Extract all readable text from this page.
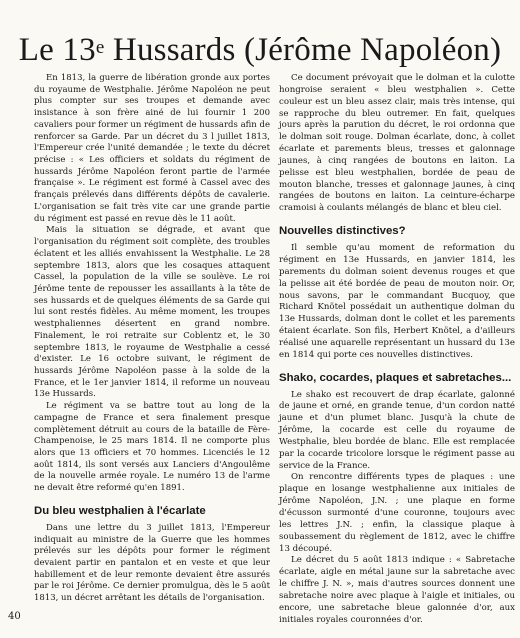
Le 13e Hussards (Jérôme Napoléon)

En 1813, la guerre de libération gronde aux portes du royaume de Westphalie. Jérôme Napoléon ne peut plus compter sur ses troupes et demande avec insistance à son frère ainé de lui fournir 1 200 cavaliers pour former un régiment de hussards afin de renforcer sa Garde. Par un décret du 3 l juillet 1813, l'Empereur crée l'unité demandée ; le texte du décret précise : « Les officiers et soldats du régiment de hussards Jérôme Napoléon feront partie de l'armée française ». Le régiment est formé à Cassel avec des français prélevés dans différents dépôts de cavalerie. L'organisation se fait très vite car une grande partie du régiment est passé en revue dès le 11 août.

Mais la situation se dégrade, et avant que l'organisation du régiment soit complète, des troubles éclatent et les alliés envahissent la Westphalie. Le 28 septembre 1813, alors que les cosaques attaquent Cassel, la population de la ville se soulève. Le roi Jérôme tente de repousser les assaillants à la tête de ses hussards et de quelques éléments de sa Garde qui lui sont restés fidèles. Au même moment, les troupes westphaliennes désertent en grand nombre. Finalement, le roi retraite sur Coblentz et, le 30 septembre 1813, le royaume de Westphalie a cessé d'exister. Le 16 octobre suivant, le régiment de hussards Jérôme Napoléon passe à la solde de la France, et le 1er janvier 1814, il reforme un nouveau 13e Hussards.

Le régiment va se battre tout au long de la campagne de France et sera finalement presque complètement détruit au cours de la bataille de Fère-Champenoise, le 25 mars 1814. Il ne comporte plus alors que 13 officiers et 70 hommes. Licenciés le 12 août 1814, ils sont versés aux Lanciers d'Angoulême de la nouvelle armée royale. Le numéro 13 de l'arme ne devait être reformé qu'en 1891.

Du bleu westphalien à l'écarlate

Dans une lettre du 3 juillet 1813, l'Empereur indiquait au ministre de la Guerre que les hommes prélevés sur les dépôts pour former le régiment devaient partir en pantalon et en veste et que leur habillement et de leur remonte devaient être assurés par le roi Jérôme. Ce dernier promulgua, dès le 5 août 1813, un décret arrêtant les détails de l'organisation.

Ce document prévoyait que le dolman et la culotte hongroise seraient « bleu westphalien ». Cette couleur est un bleu assez clair, mais très intense, qui se rapproche du bleu outremer. En fait, quelques jours après la parution du décret, le roi ordonna que le dolman soit rouge. Dolman écarlate, donc, à collet écarlate et parements bleus, tresses et galonnage jaunes, à cinq rangées de boutons en laiton. La pelisse est bleu westphalien, bordée de peau de mouton blanche, tresses et galonnage jaunes, à cinq rangées de boutons en laiton. La ceinture-écharpe cramoisi à coulants mélangés de blanc et bleu ciel.

Nouvelles distinctives?

Il semble qu'au moment de reformation du régiment en 13e Hussards, en janvier 1814, les parements du dolman soient devenus rouges et que la pelisse ait été bordée de peau de mouton noir. Or, nous savons, par le commandant Bucquoy, que Richard Knötel possédait un authentique dolman du 13e Hussards, dolman dont le collet et les parements étaient écarlate. Son fils, Herbert Knötel, a d'ailleurs réalisé une aquarelle représentant un hussard du 13e en 1814 qui porte ces nouvelles distinctives.

Shako, cocardes, plaques et sabretaches...

Le shako est recouvert de drap écarlate, galonné de jaune et orné, en grande tenue, d'un cordon natté jaune et d'un plumet blanc. Jusqu'à la chute de Jérôme, la cocarde est celle du royaume de Westphalie, bleu bordée de blanc. Elle est remplacée par la cocarde tricolore lorsque le régiment passe au service de la France.

On rencontre différents types de plaques : une plaque en losange westphalienne aux initiales de Jérôme Napoléon, J.N. ; une plaque en forme d'écusson surmonté d'une couronne, toujours avec les lettres J.N. ; enfin, la classique plaque à soubassement du règlement de 1812, avec le chiffre 13 découpé.

Le décret du 5 août 1813 indique : « Sabretache écarlate, aigle en métal jaune sur la sabretache avec le chiffre J. N. », mais d'autres sources donnent une sabretache noire avec plaque à l'aigle et initiales, ou encore, une sabretache bleue galonnée d'or, aux initiales royales couronnées d'or.

40
